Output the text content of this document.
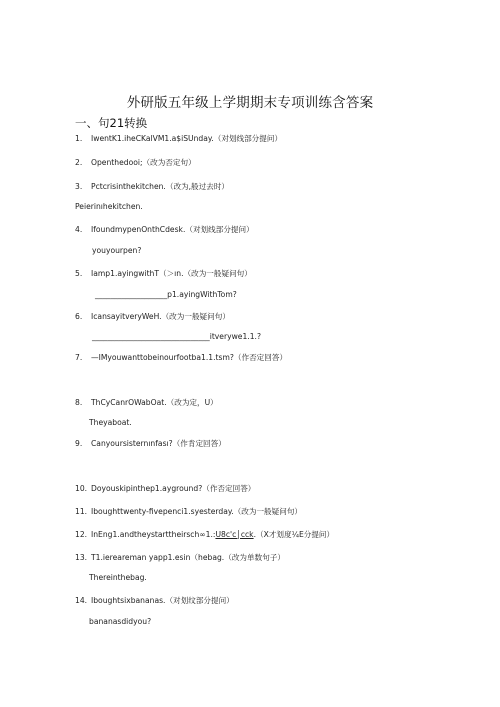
外研版五年级上学期期末专项训练含答案
一、句21转换
1. IwentK1.iheCKalVM1.a$iSUnday.（对划线部分提问）
2. Openthedooi;（改为否定句）
3. Pctcrisinthekitchen.（改为,般过去时）
Peierinıhekitchen.
4. IfoundmypenOnthCdesk.（对划线部分提问）
youyourpen?
5. Iamp1.ayingwithT（＞ın.（改为一般疑问句）
___________________p1.ayingWithTom?
6. IcansayitveryWeH.（改为一般疑问句）
_______________________________itverywe1.1.?
7. —IMyouwanttobeinourfootba1.1.tsm?（作否定回答）
8. ThCyCanrOWabOat.（改为定，U）
Theyaboat.
9. Canyoursisternınfası?（作肯定回答）
10. Doyouskipinthep1.ayground?（作否定回答）
11. Iboughttwenty-fivepenci1.syesterday.（改为一般疑问句）
12. InEng1.andtheystarttheirsch∞1.:U8c'c│cck.（X才划度¼E分提问）
13. T1.iereareman yapp1.esin（hebag.（改为单数句子）
Thereinthebag.
14. Iboughtsixbananas.（对划纹部分提问）
bananasdidyou?
